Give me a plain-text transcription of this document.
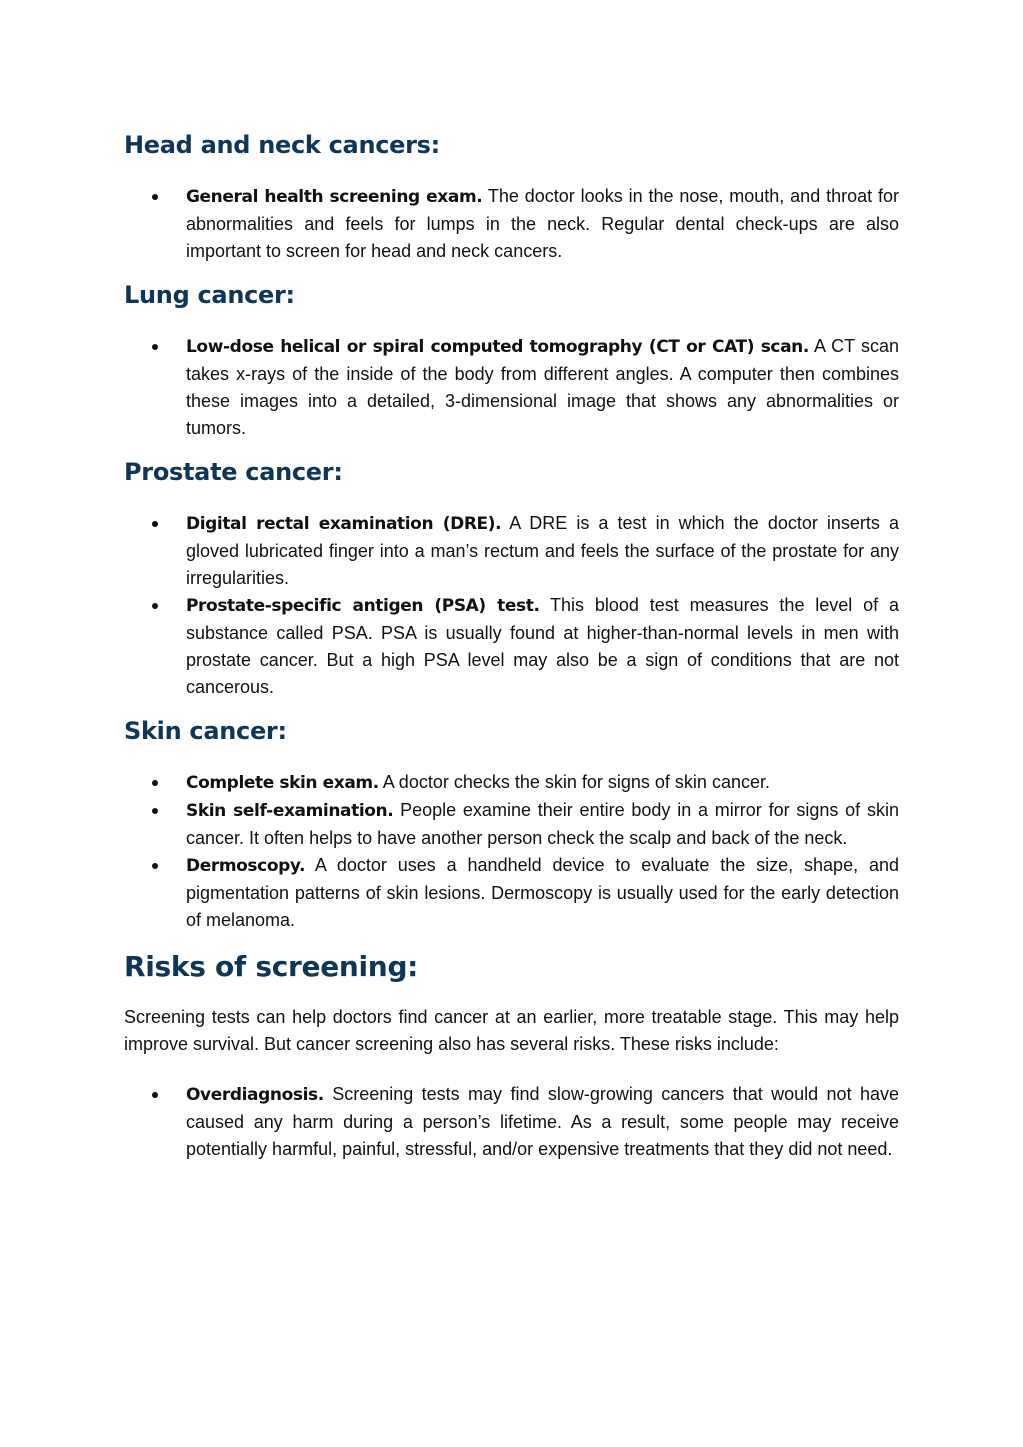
Head and neck cancers:
General health screening exam. The doctor looks in the nose, mouth, and throat for abnormalities and feels for lumps in the neck. Regular dental check-ups are also important to screen for head and neck cancers.
Lung cancer:
Low-dose helical or spiral computed tomography (CT or CAT) scan. A CT scan takes x-rays of the inside of the body from different angles. A computer then combines these images into a detailed, 3-dimensional image that shows any abnormalities or tumors.
Prostate cancer:
Digital rectal examination (DRE). A DRE is a test in which the doctor inserts a gloved lubricated finger into a man’s rectum and feels the surface of the prostate for any irregularities.
Prostate-specific antigen (PSA) test. This blood test measures the level of a substance called PSA. PSA is usually found at higher-than-normal levels in men with prostate cancer. But a high PSA level may also be a sign of conditions that are not cancerous.
Skin cancer:
Complete skin exam. A doctor checks the skin for signs of skin cancer.
Skin self-examination. People examine their entire body in a mirror for signs of skin cancer. It often helps to have another person check the scalp and back of the neck.
Dermoscopy. A doctor uses a handheld device to evaluate the size, shape, and pigmentation patterns of skin lesions. Dermoscopy is usually used for the early detection of melanoma.
Risks of screening:

Screening tests can help doctors find cancer at an earlier, more treatable stage. This may help improve survival. But cancer screening also has several risks. These risks include:

Overdiagnosis. Screening tests may find slow-growing cancers that would not have caused any harm during a person’s lifetime. As a result, some people may receive potentially harmful, painful, stressful, and/or expensive treatments that they did not need.
